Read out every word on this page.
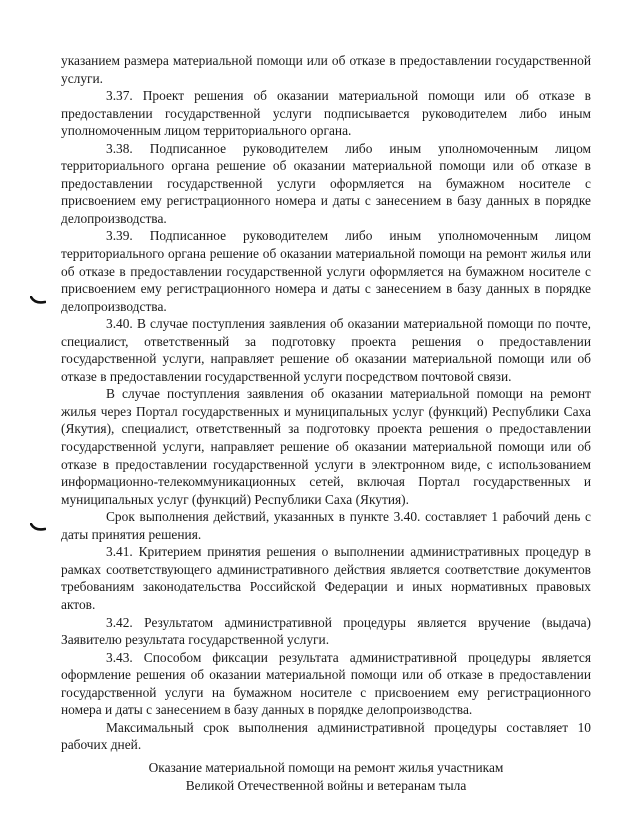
указанием размера материальной помощи или об отказе в предоставлении государственной услуги.

3.37. Проект решения об оказании материальной помощи или об отказе в предоставлении государственной услуги подписывается руководителем либо иным уполномоченным лицом территориального органа.

3.38. Подписанное руководителем либо иным уполномоченным лицом территориального органа решение об оказании материальной помощи или об отказе в предоставлении государственной услуги оформляется на бумажном носителе с присвоением ему регистрационного номера и даты с занесением в базу данных в порядке делопроизводства.

3.39. Подписанное руководителем либо иным уполномоченным лицом территориального органа решение об оказании материальной помощи на ремонт жилья или об отказе в предоставлении государственной услуги оформляется на бумажном носителе с присвоением ему регистрационного номера и даты с занесением в базу данных в порядке делопроизводства.

3.40. В случае поступления заявления об оказании материальной помощи по почте, специалист, ответственный за подготовку проекта решения о предоставлении государственной услуги, направляет решение об оказании материальной помощи или об отказе в предоставлении государственной услуги посредством почтовой связи.

В случае поступления заявления об оказании материальной помощи на ремонт жилья через Портал государственных и муниципальных услуг (функций) Республики Саха (Якутия), специалист, ответственный за подготовку проекта решения о предоставлении государственной услуги, направляет решение об оказании материальной помощи или об отказе в предоставлении государственной услуги в электронном виде, с использованием информационно-телекоммуникационных сетей, включая Портал государственных и муниципальных услуг (функций) Республики Саха (Якутия).

Срок выполнения действий, указанных в пункте 3.40. составляет 1 рабочий день с даты принятия решения.

3.41. Критерием принятия решения о выполнении административных процедур в рамках соответствующего административного действия является соответствие документов требованиям законодательства Российской Федерации и иных нормативных правовых актов.

3.42. Результатом административной процедуры является вручение (выдача) Заявителю результата государственной услуги.

3.43. Способом фиксации результата административной процедуры является оформление решения об оказании материальной помощи или об отказе в предоставлении государственной услуги на бумажном носителе с присвоением ему регистрационного номера и даты с занесением в базу данных в порядке делопроизводства.

Максимальный срок выполнения административной процедуры составляет 10 рабочих дней.

Оказание материальной помощи на ремонт жилья участникам
Великой Отечественной войны и ветеранам тыла
